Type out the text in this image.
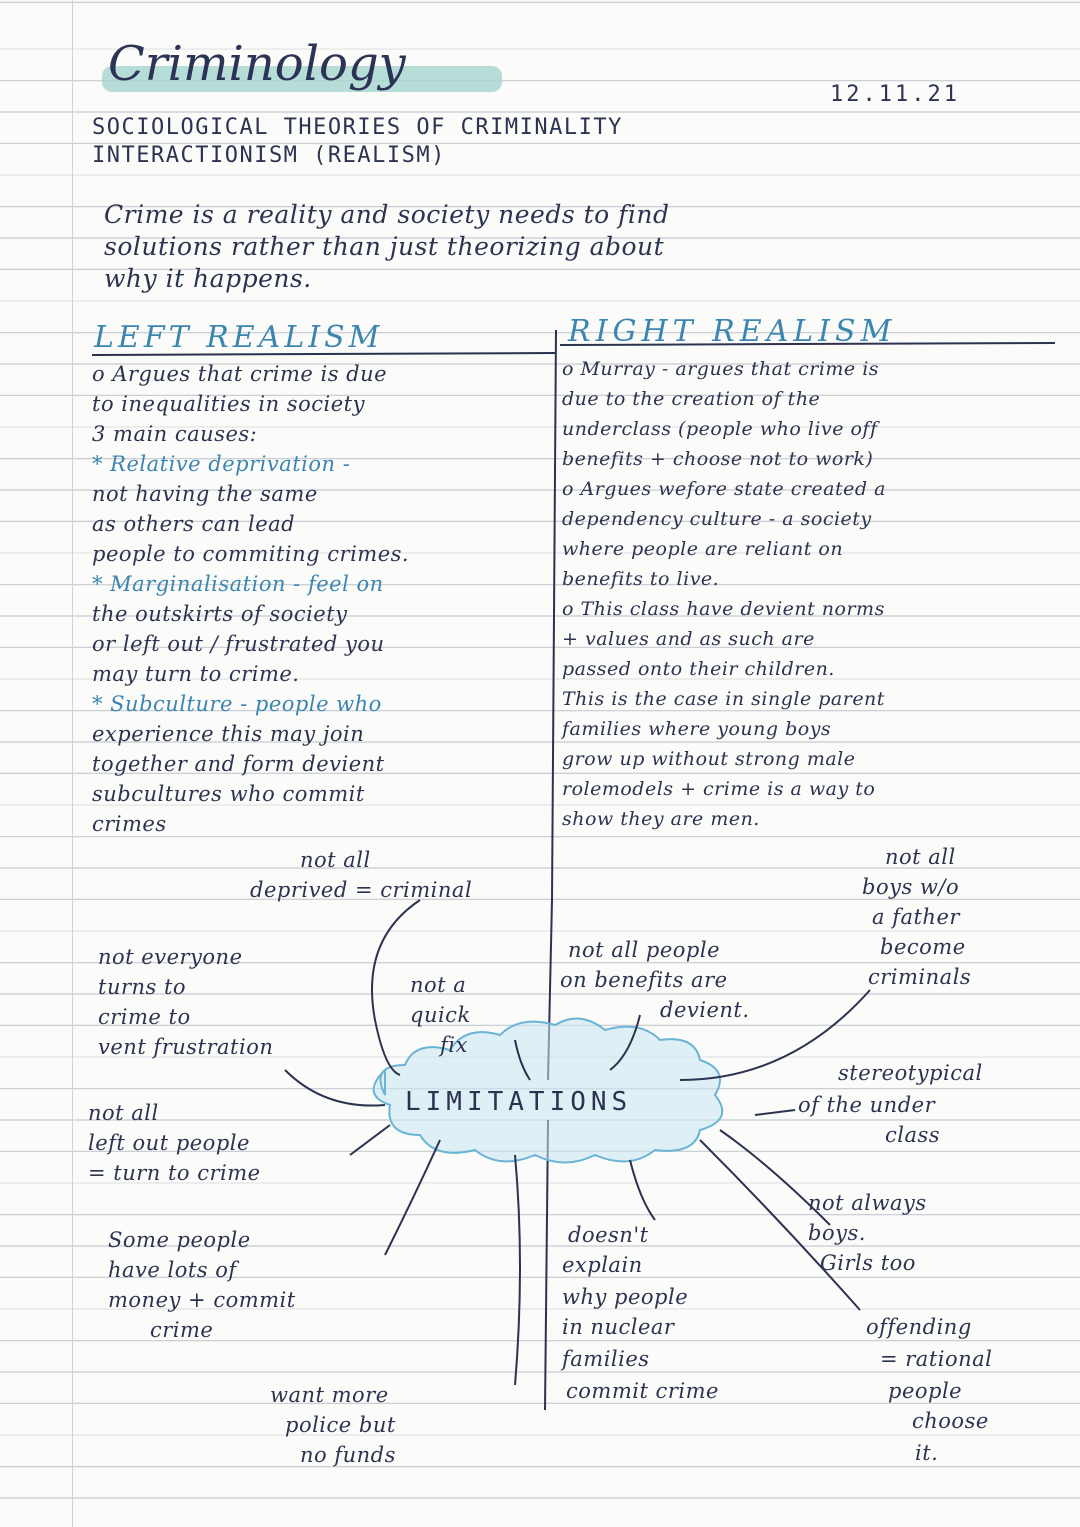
Criminology
12.11.21
SOCIOLOGICAL THEORIES OF CRIMINALITY
INTERACTIONISM (REALISM)
Crime is a reality and society needs to find
solutions rather than just theorizing about
why it happens.
LEFT REALISM
o Argues that crime is due
to inequalities in society
3 main causes:
* Relative deprivation -
not having the same
as others can lead
people to commiting crimes.
* Marginalisation - feel on
the outskirts of society
or left out / frustrated you
may turn to crime.
* Subculture - people who
experience this may join
together and form devient
subcultures who commit
crimes
RIGHT REALISM
o Murray - argues that crime is
due to the creation of the
underclass (people who live off
benefits + choose not to work)
o Argues wefore state created a
dependency culture - a society
where people are reliant on
benefits to live.
o This class have devient norms
+ values and as such are
passed onto their children.
This is the case in single parent
families where young boys
grow up without strong male
rolemodels + crime is a way to
show they are men.
LIMITATIONS
not all
deprived = criminal
not everyone
turns to
crime to
vent frustration
not a
quick
fix
not all
left out people
= turn to crime
Some people
have lots of
money + commit
crime
want more
police but
no funds
not all people
on benefits are
devient.
not all
boys w/o
a father
become
criminals
stereotypical
of the under
class
not always
boys.
Girls too
doesn't
explain
why people
in nuclear
families
commit crime
offending
= rational
people
choose
it.
